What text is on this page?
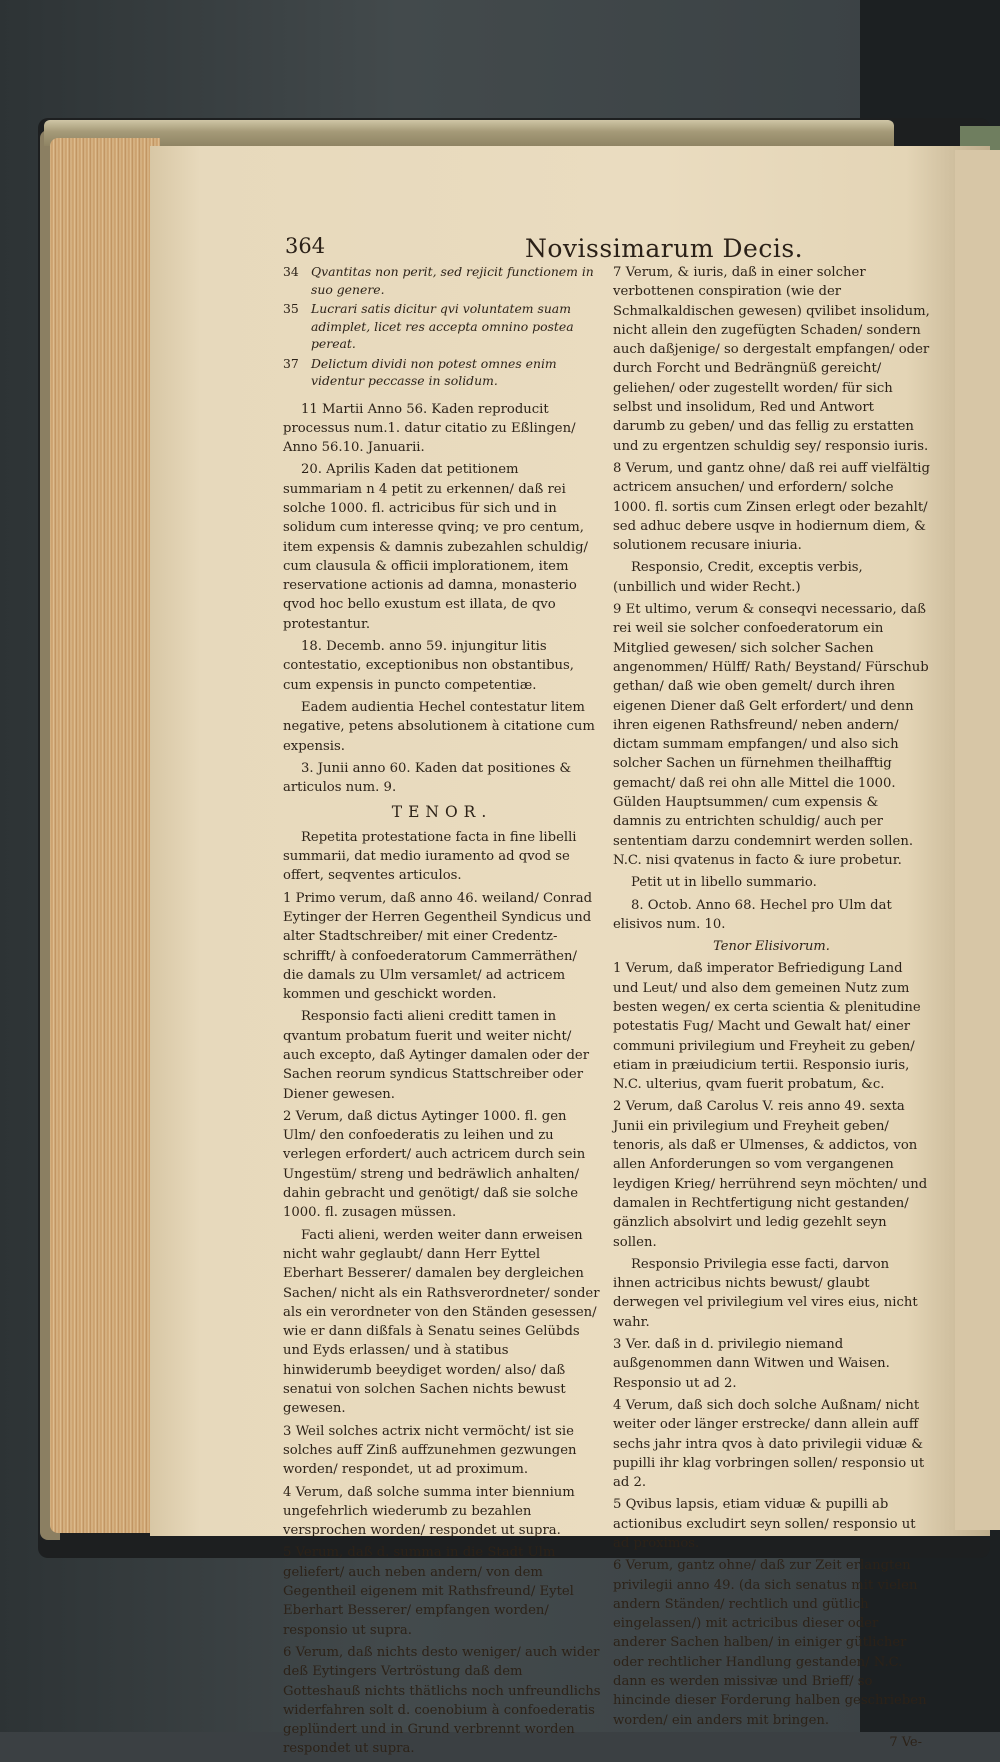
364	Novissimarum Decis.
34 Qvantitas non perit, sed rejicit functionem in suo genere.
35 Lucrari satis dicitur qvi voluntatem suam adimplet, licet res accepta omnino postea pereat.
37 Delictum dividi non potest omnes enim videntur peccasse in solidum.

11 Martii Anno 56. Kaden reproducit processus num.1. datur citatio zu Eßlingen/ Anno 56.10. Januarii.

20. Aprilis Kaden dat petitionem summariam n 4 petit zu erkennen/ daß rei solche 1000. fl. actricibus für sich und in solidum cum interesse qvinq; ve pro centum, item expensis & damnis zubezahlen schuldig/ cum clausula & officii implorationem, item reservatione actionis ad damna, monasterio qvod hoc bello exustum est illata, de qvo protestantur.

18. Decemb. anno 59. injungitur litis contestatio, exceptionibus non obstantibus, cum expensis in puncto competentiæ.

Eadem audientia Hechel contestatur litem negative, petens absolutionem à citatione cum expensis.

3. Junii anno 60. Kaden dat positiones & articulos num. 9.

TENOR.

Repetita protestatione facta in fine libelli summarii, dat medio iuramento ad qvod se offert, seqventes articulos.

1 Primo verum, daß anno 46. weiland/ Conrad Eytinger der Herren Gegentheil Syndicus und alter Stadtschreiber/ mit einer Credentz-schrifft/ à confoederatorum Cammerräthen/ die damals zu Ulm versamlet/ ad actricem kommen und geschickt worden.

Responsio facti alieni creditt tamen in qvantum probatum fuerit und weiter nicht/ auch excepto, daß Aytinger damalen oder der Sachen reorum syndicus Stattschreiber oder Diener gewesen.

2 Verum, daß dictus Aytinger 1000. fl. gen Ulm/ den confoederatis zu leihen und zu verlegen erfordert/ auch actricem durch sein Ungestüm/ streng und bedräwlich anhalten/ dahin gebracht und genötigt/ daß sie solche 1000. fl. zusagen müssen.

Facti alieni, werden weiter dann erweisen nicht wahr geglaubt/ dann Herr Eyttel Eberhart Besserer/ damalen bey dergleichen Sachen/ nicht als ein Rathsverordneter/ sonder als ein verordneter von den Ständen gesessen/ wie er dann dißfals à Senatu seines Gelübds und Eyds erlassen/ und à statibus hinwiderumb beeydiget worden/ also/ daß senatui von solchen Sachen nichts bewust gewesen.

3 Weil solches actrix nicht vermöcht/ ist sie solches auff Zinß auffzunehmen gezwungen worden/ respondet, ut ad proximum.

4 Verum, daß solche summa inter biennium ungefehrlich wiederumb zu bezahlen versprochen worden/ respondet ut supra.

5 Verum, daß d. summa in die Stadt Ulm geliefert/ auch neben andern/ von dem Gegentheil eigenem mit Rathsfreund/ Eytel Eberhart Besserer/ empfangen worden/ responsio ut supra.

6 Verum, daß nichts desto weniger/ auch wider deß Eytingers Vertröstung daß dem Gotteshauß nichts thätlichs noch unfreundlichs widerfahren solt d. coenobium à confoederatis geplündert und in Grund verbrennt worden respondet ut supra.

7 Verum, & iuris, daß in einer solcher verbottenen conspiration (wie der Schmalkaldischen gewesen) qvilibet insolidum, nicht allein den zugefügten Schaden/ sondern auch daßjenige/ so dergestalt empfangen/ oder durch Forcht und Bedrängnüß gereicht/ geliehen/ oder zugestellt worden/ für sich selbst und insolidum, Red und Antwort darumb zu geben/ und das fellig zu erstatten und zu ergentzen schuldig sey/ responsio iuris.

8 Verum, und gantz ohne/ daß rei auff vielfältig actricem ansuchen/ und erfordern/ solche 1000. fl. sortis cum Zinsen erlegt oder bezahlt/ sed adhuc debere usqve in hodiernum diem, & solutionem recusare iniuria.

Responsio, Credit, exceptis verbis, (unbillich und wider Recht.)

9 Et ultimo, verum & conseqvi necessario, daß rei weil sie solcher confoederatorum ein Mitglied gewesen/ sich solcher Sachen angenommen/ Hülff/ Rath/ Beystand/ Fürschub gethan/ daß wie oben gemelt/ durch ihren eigenen Diener daß Gelt erfordert/ und denn ihren eigenen Rathsfreund/ neben andern/ dictam summam empfangen/ und also sich solcher Sachen un fürnehmen theilhafftig gemacht/ daß rei ohn alle Mittel die 1000. Gülden Hauptsummen/ cum expensis & damnis zu entrichten schuldig/ auch per sententiam darzu condemnirt werden sollen. N.C. nisi qvatenus in facto & iure probetur.

Petit ut in libello summario.

8. Octob. Anno 68. Hechel pro Ulm dat elisivos num. 10.

Tenor Elisivorum.

1 Verum, daß imperator Befriedigung Land und Leut/ und also dem gemeinen Nutz zum besten wegen/ ex certa scientia & plenitudine potestatis Fug/ Macht und Gewalt hat/ einer communi privilegium und Freyheit zu geben/ etiam in præiudicium tertii. Responsio iuris, N.C. ulterius, qvam fuerit probatum, &c.

2 Verum, daß Carolus V. reis anno 49. sexta Junii ein privilegium und Freyheit geben/ tenoris, als daß er Ulmenses, & addictos, von allen Anforderungen so vom vergangenen leydigen Krieg/ herrührend seyn möchten/ und damalen in Rechtfertigung nicht gestanden/ gänzlich absolvirt und ledig gezehlt seyn sollen.

Responsio Privilegia esse facti, darvon ihnen actricibus nichts bewust/ glaubt derwegen vel privilegium vel vires eius, nicht wahr.

3 Ver. daß in d. privilegio niemand außgenommen dann Witwen und Waisen. Responsio ut ad 2.

4 Verum, daß sich doch solche Außnam/ nicht weiter oder länger erstrecke/ dann allein auff sechs jahr intra qvos à dato privilegii viduæ & pupilli ihr klag vorbringen sollen/ responsio ut ad 2.

5 Qvibus lapsis, etiam viduæ & pupilli ab actionibus excludirt seyn sollen/ responsio ut ad proximos.

6 Verum, gantz ohne/ daß zur Zeit erlangten privilegii anno 49. (da sich senatus mit vielen andern Ständen/ rechtlich und gütlich eingelassen/) mit actricibus dieser oder anderer Sachen halben/ in einiger gütlicher oder rechtlicher Handlung gestanden/ N.C. dann es werden missivæ und Brieff/ so hincinde dieser Forderung halben geschrieben worden/ ein anders mit bringen.

7 Ve-
